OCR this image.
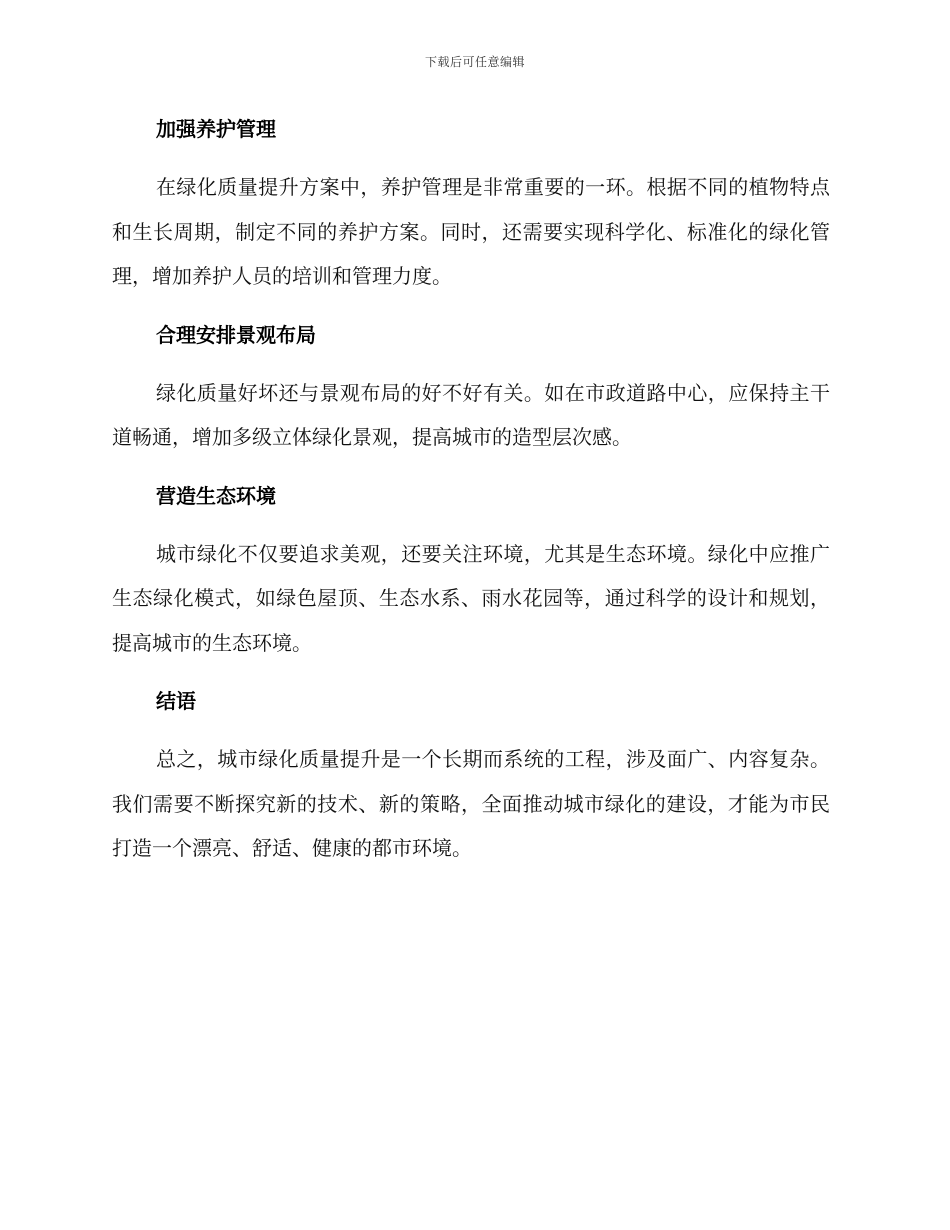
下载后可任意编辑
加强养护管理

在绿化质量提升方案中，养护管理是非常重要的一环。根据不同的植物特点和生长周期，制定不同的养护方案。同时，还需要实现科学化、标准化的绿化管理，增加养护人员的培训和管理力度。

合理安排景观布局

绿化质量好坏还与景观布局的好不好有关。如在市政道路中心，应保持主干道畅通，增加多级立体绿化景观，提高城市的造型层次感。

营造生态环境

城市绿化不仅要追求美观，还要关注环境，尤其是生态环境。绿化中应推广生态绿化模式，如绿色屋顶、生态水系、雨水花园等，通过科学的设计和规划，提高城市的生态环境。

结语

总之，城市绿化质量提升是一个长期而系统的工程，涉及面广、内容复杂。我们需要不断探究新的技术、新的策略，全面推动城市绿化的建设，才能为市民打造一个漂亮、舒适、健康的都市环境。
